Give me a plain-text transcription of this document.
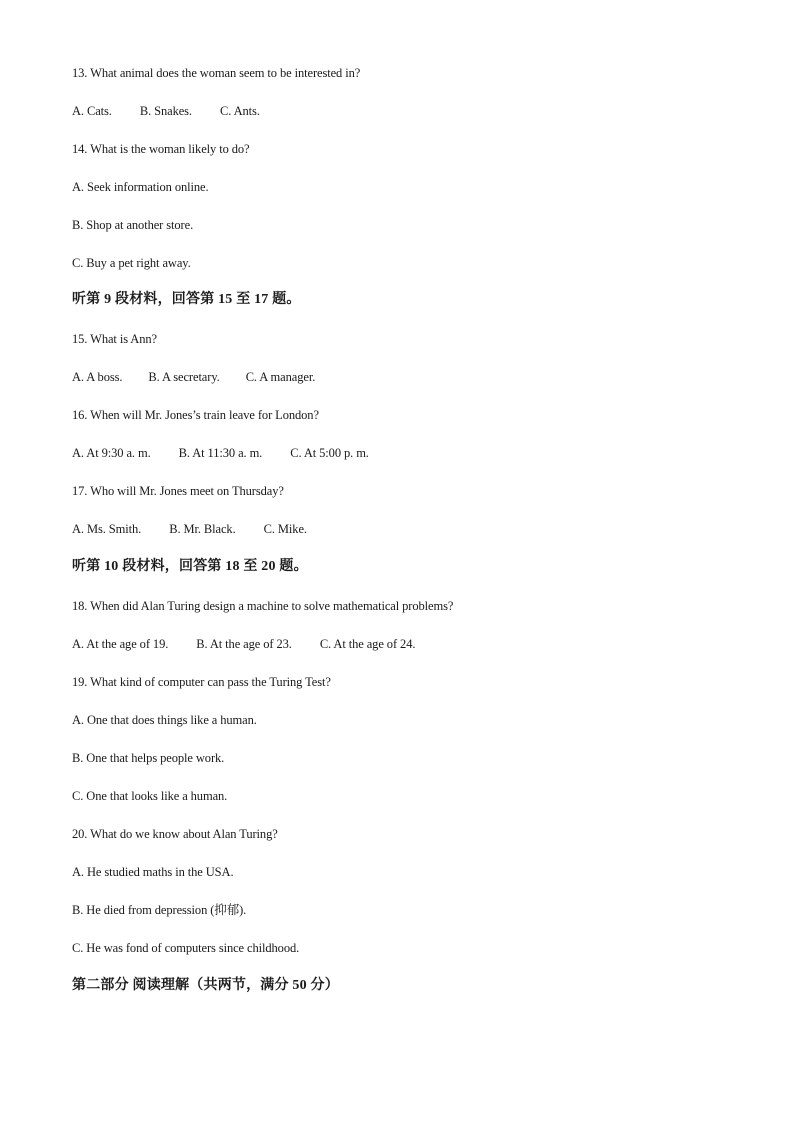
13. What animal does the woman seem to be interested in?
A. Cats. B. Snakes. C. Ants.
14. What is the woman likely to do?
A. Seek information online.
B. Shop at another store.
C. Buy a pet right away.
听第 9 段材料，回答第 15 至 17 题。
15. What is Ann?
A. A boss. B. A secretary. C. A manager.
16. When will Mr. Jones’s train leave for London?
A. At 9:30 a. m. B. At 11:30 a. m. C. At 5:00 p. m.
17. Who will Mr. Jones meet on Thursday?
A. Ms. Smith. B. Mr. Black. C. Mike.
听第 10 段材料，回答第 18 至 20 题。
18. When did Alan Turing design a machine to solve mathematical problems?
A. At the age of 19. B. At the age of 23. C. At the age of 24.
19. What kind of computer can pass the Turing Test?
A. One that does things like a human.
B. One that helps people work.
C. One that looks like a human.
20. What do we know about Alan Turing?
A. He studied maths in the USA.
B. He died from depression (抑郁).
C. He was fond of computers since childhood.
第二部分 阅读理解（共两节，满分 50 分）
